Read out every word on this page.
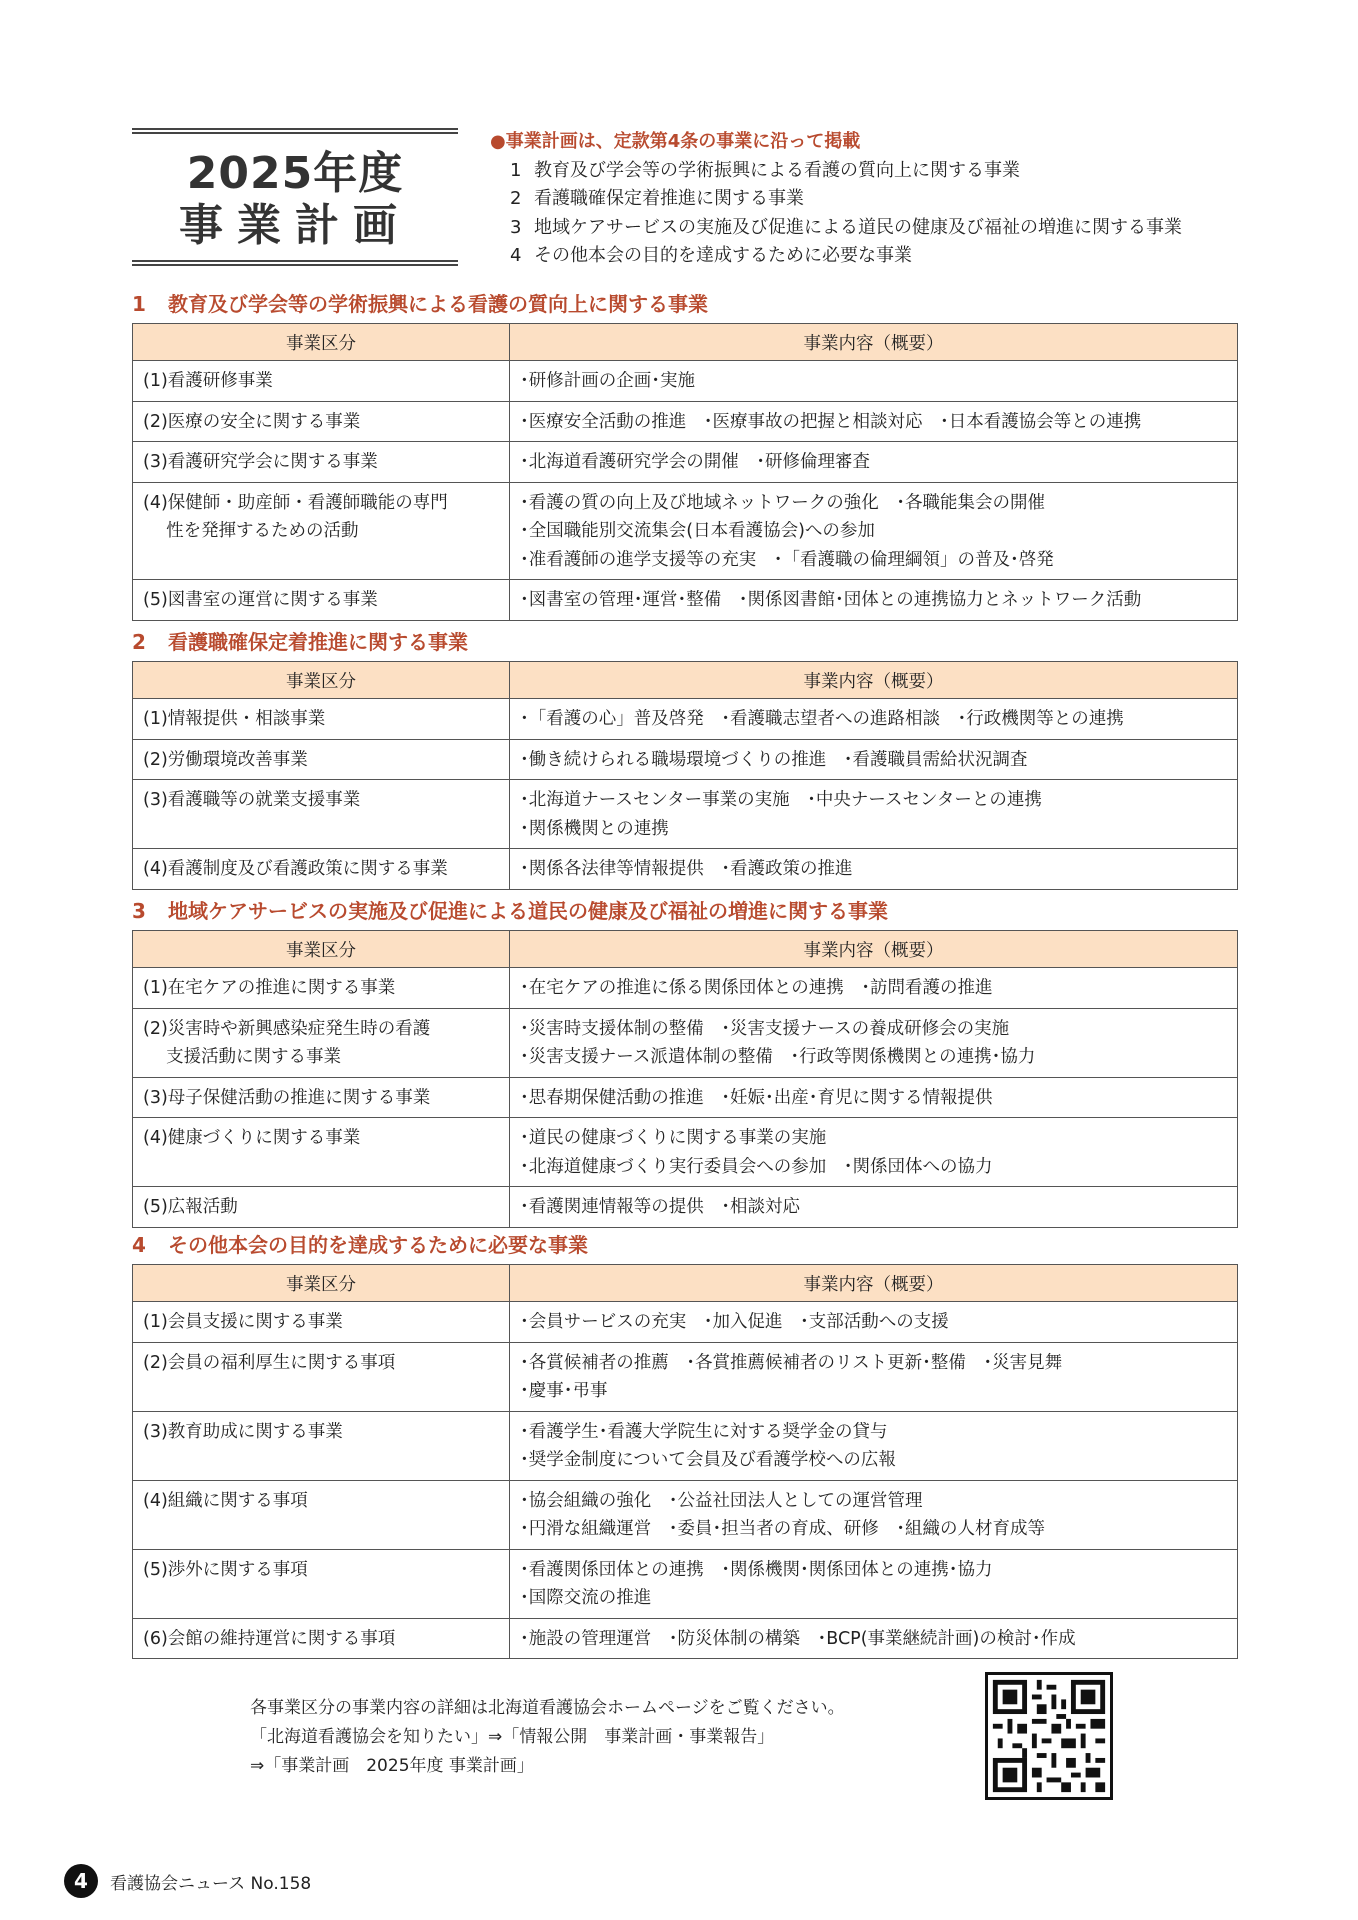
2025年度
事業計画
●事業計画は、定款第4条の事業に沿って掲載
1 教育及び学会等の学術振興による看護の質向上に関する事業
2 看護職確保定着推進に関する事業
3 地域ケアサービスの実施及び促進による道民の健康及び福祉の増進に関する事業
4 その他本会の目的を達成するために必要な事業
1 教育及び学会等の学術振興による看護の質向上に関する事業
事業区分	事業内容（概要）

(1)看護研修事業	･研修計画の企画･実施

(2)医療の安全に関する事業	･医療安全活動の推進　･医療事故の把握と相談対応　･日本看護協会等との連携

(3)看護研究学会に関する事業	･北海道看護研究学会の開催　･研修倫理審査

(4)保健師・助産師・看護師職能の専門
　 性を発揮するための活動	･看護の質の向上及び地域ネットワークの強化　･各職能集会の開催
･全国職能別交流集会(日本看護協会)への参加
･准看護師の進学支援等の充実　･「看護職の倫理綱領」の普及･啓発

(5)図書室の運営に関する事業	･図書室の管理･運営･整備　･関係図書館･団体との連携協力とネットワーク活動
2 看護職確保定着推進に関する事業
事業区分	事業内容（概要）

(1)情報提供・相談事業	･「看護の心」普及啓発　･看護職志望者への進路相談　･行政機関等との連携

(2)労働環境改善事業	･働き続けられる職場環境づくりの推進　･看護職員需給状況調査

(3)看護職等の就業支援事業	･北海道ナースセンター事業の実施　･中央ナースセンターとの連携
･関係機関との連携

(4)看護制度及び看護政策に関する事業	･関係各法律等情報提供　･看護政策の推進
3 地域ケアサービスの実施及び促進による道民の健康及び福祉の増進に関する事業
事業区分	事業内容（概要）

(1)在宅ケアの推進に関する事業	･在宅ケアの推進に係る関係団体との連携　･訪問看護の推進

(2)災害時や新興感染症発生時の看護
　 支援活動に関する事業	･災害時支援体制の整備　･災害支援ナースの養成研修会の実施
･災害支援ナース派遣体制の整備　･行政等関係機関との連携･協力

(3)母子保健活動の推進に関する事業	･思春期保健活動の推進　･妊娠･出産･育児に関する情報提供

(4)健康づくりに関する事業	･道民の健康づくりに関する事業の実施
･北海道健康づくり実行委員会への参加　･関係団体への協力

(5)広報活動	･看護関連情報等の提供　･相談対応
4 その他本会の目的を達成するために必要な事業
事業区分	事業内容（概要）

(1)会員支援に関する事業	･会員サービスの充実　･加入促進　･支部活動への支援

(2)会員の福利厚生に関する事項	･各賞候補者の推薦　･各賞推薦候補者のリスト更新･整備　･災害見舞
･慶事･弔事

(3)教育助成に関する事業	･看護学生･看護大学院生に対する奨学金の貸与
･奨学金制度について会員及び看護学校への広報

(4)組織に関する事項	･協会組織の強化　･公益社団法人としての運営管理
･円滑な組織運営　･委員･担当者の育成、研修　･組織の人材育成等

(5)渉外に関する事項	･看護関係団体との連携　･関係機関･関係団体との連携･協力
･国際交流の推進

(6)会館の維持運営に関する事項	･施設の管理運営　･防災体制の構築　･BCP(事業継続計画)の検討･作成
各事業区分の事業内容の詳細は北海道看護協会ホームページをご覧ください。
「北海道看護協会を知りたい」⇒「情報公開　事業計画・事業報告」
⇒「事業計画　2025年度 事業計画」
4	看護協会ニュース No.158
